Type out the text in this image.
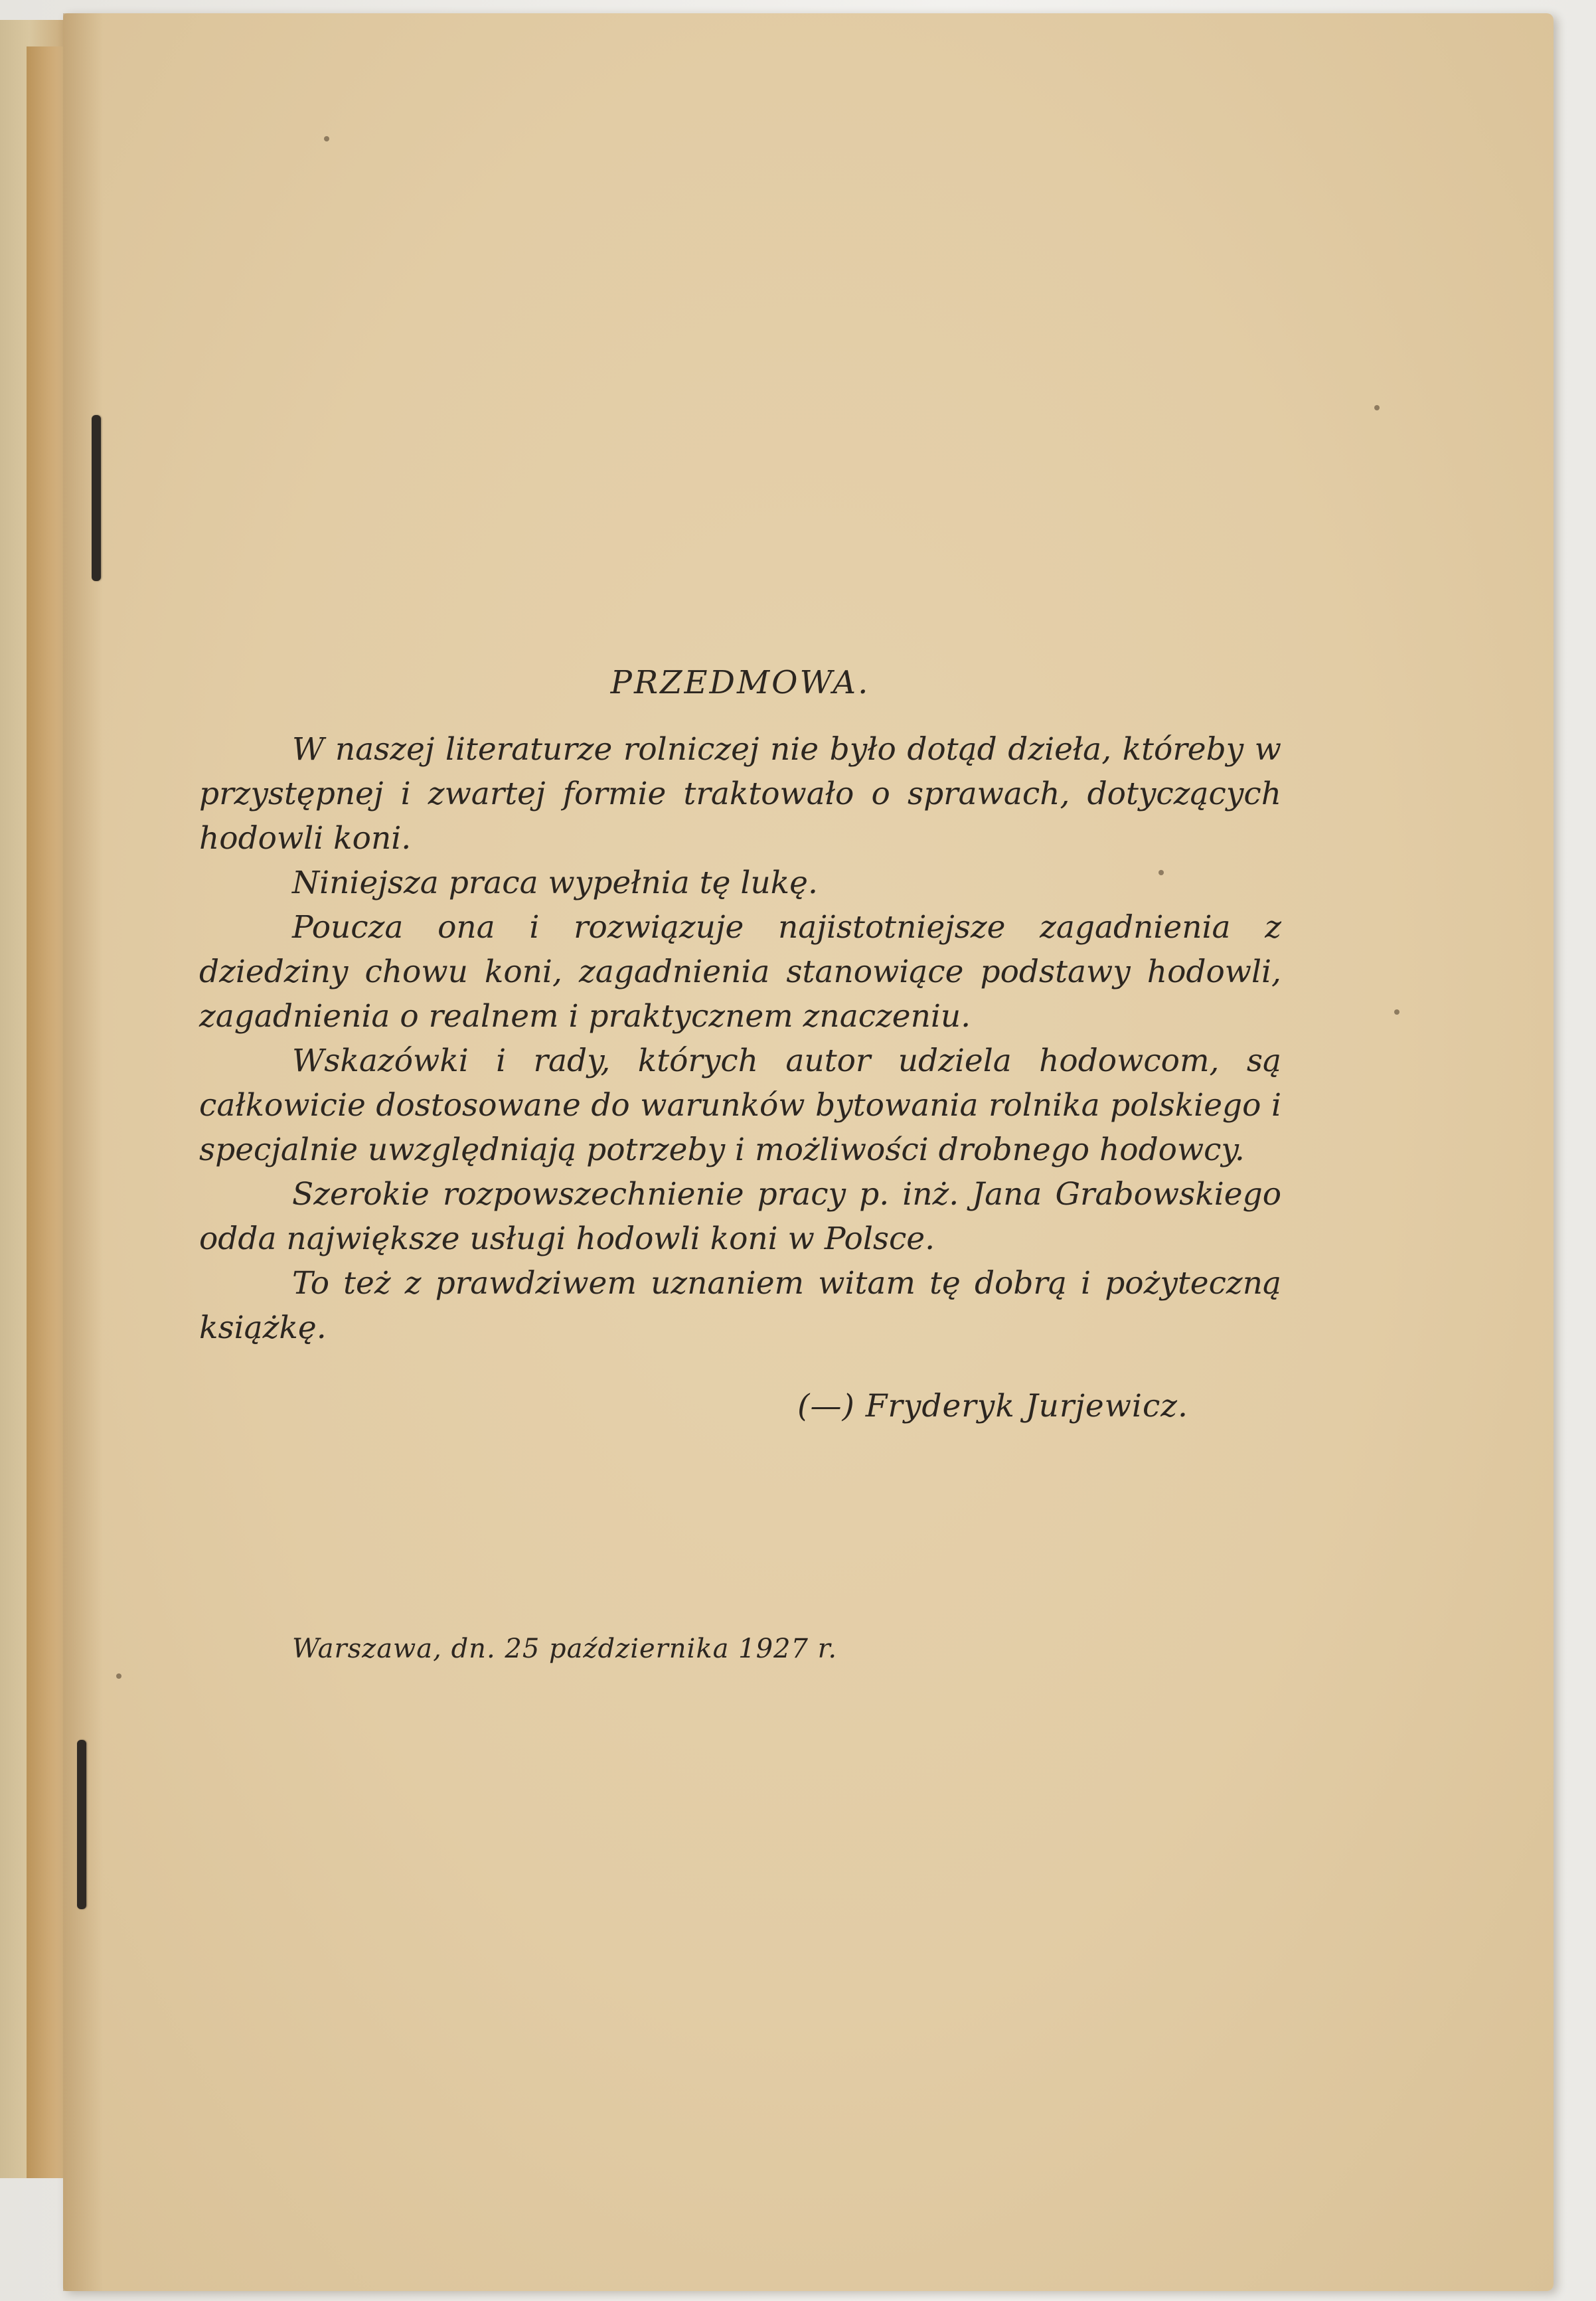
PRZEDMOWA.

W naszej literaturze rolniczej nie było dotąd dzieła, któreby w przystępnej i zwartej formie traktowało o sprawach, dotyczących hodowli koni.

Niniejsza praca wypełnia tę lukę.

Poucza ona i rozwiązuje najistotniejsze zagadnienia z dziedziny chowu koni, zagadnienia stanowiące podstawy hodowli, zagadnienia o realnem i praktycznem znaczeniu.

Wskazówki i rady, których autor udziela hodowcom, są całkowicie dostosowane do warunków bytowania rolnika polskiego i specjalnie uwzględniają potrzeby i możliwości drobnego hodowcy.

Szerokie rozpowszechnienie pracy p. inż. Jana Grabowskiego odda największe usługi hodowli koni w Polsce.

To też z prawdziwem uznaniem witam tę dobrą i pożyteczną książkę.

(—) Fryderyk Jurjewicz.
Warszawa, dn. 25 października 1927 r.
